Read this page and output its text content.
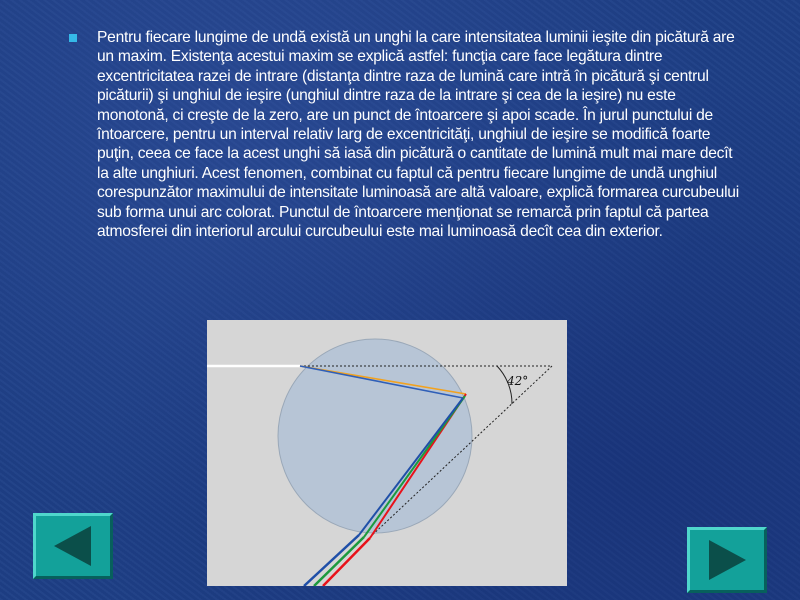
Pentru fiecare lungime de undă există un unghi la care intensitatea luminii ieşite din picătură are un maxim. Existenţa acestui maxim se explică astfel: funcţia care face legătura dintre excentricitatea razei de intrare (distanţa dintre raza de lumină care intră în picătură şi centrul picăturii) şi unghiul de ieşire (unghiul dintre raza de la intrare şi cea de la ieşire) nu este monotonă, ci creşte de la zero, are un punct de întoarcere şi apoi scade. În jurul punctului de întoarcere, pentru un interval relativ larg de excentricităţi, unghiul de ieşire se modifică foarte puţin, ceea ce face la acest unghi să iasă din picătură o cantitate de lumină mult mai mare decît la alte unghiuri. Acest fenomen, combinat cu faptul că pentru fiecare lungime de undă unghiul corespunzător maximului de intensitate luminoasă are altă valoare, explică formarea curcubeului sub forma unui arc colorat. Punctul de întoarcere menţionat se remarcă prin faptul că partea atmosferei din interiorul arcului curcubeului este mai luminoasă decît cea din exterior.

42°
